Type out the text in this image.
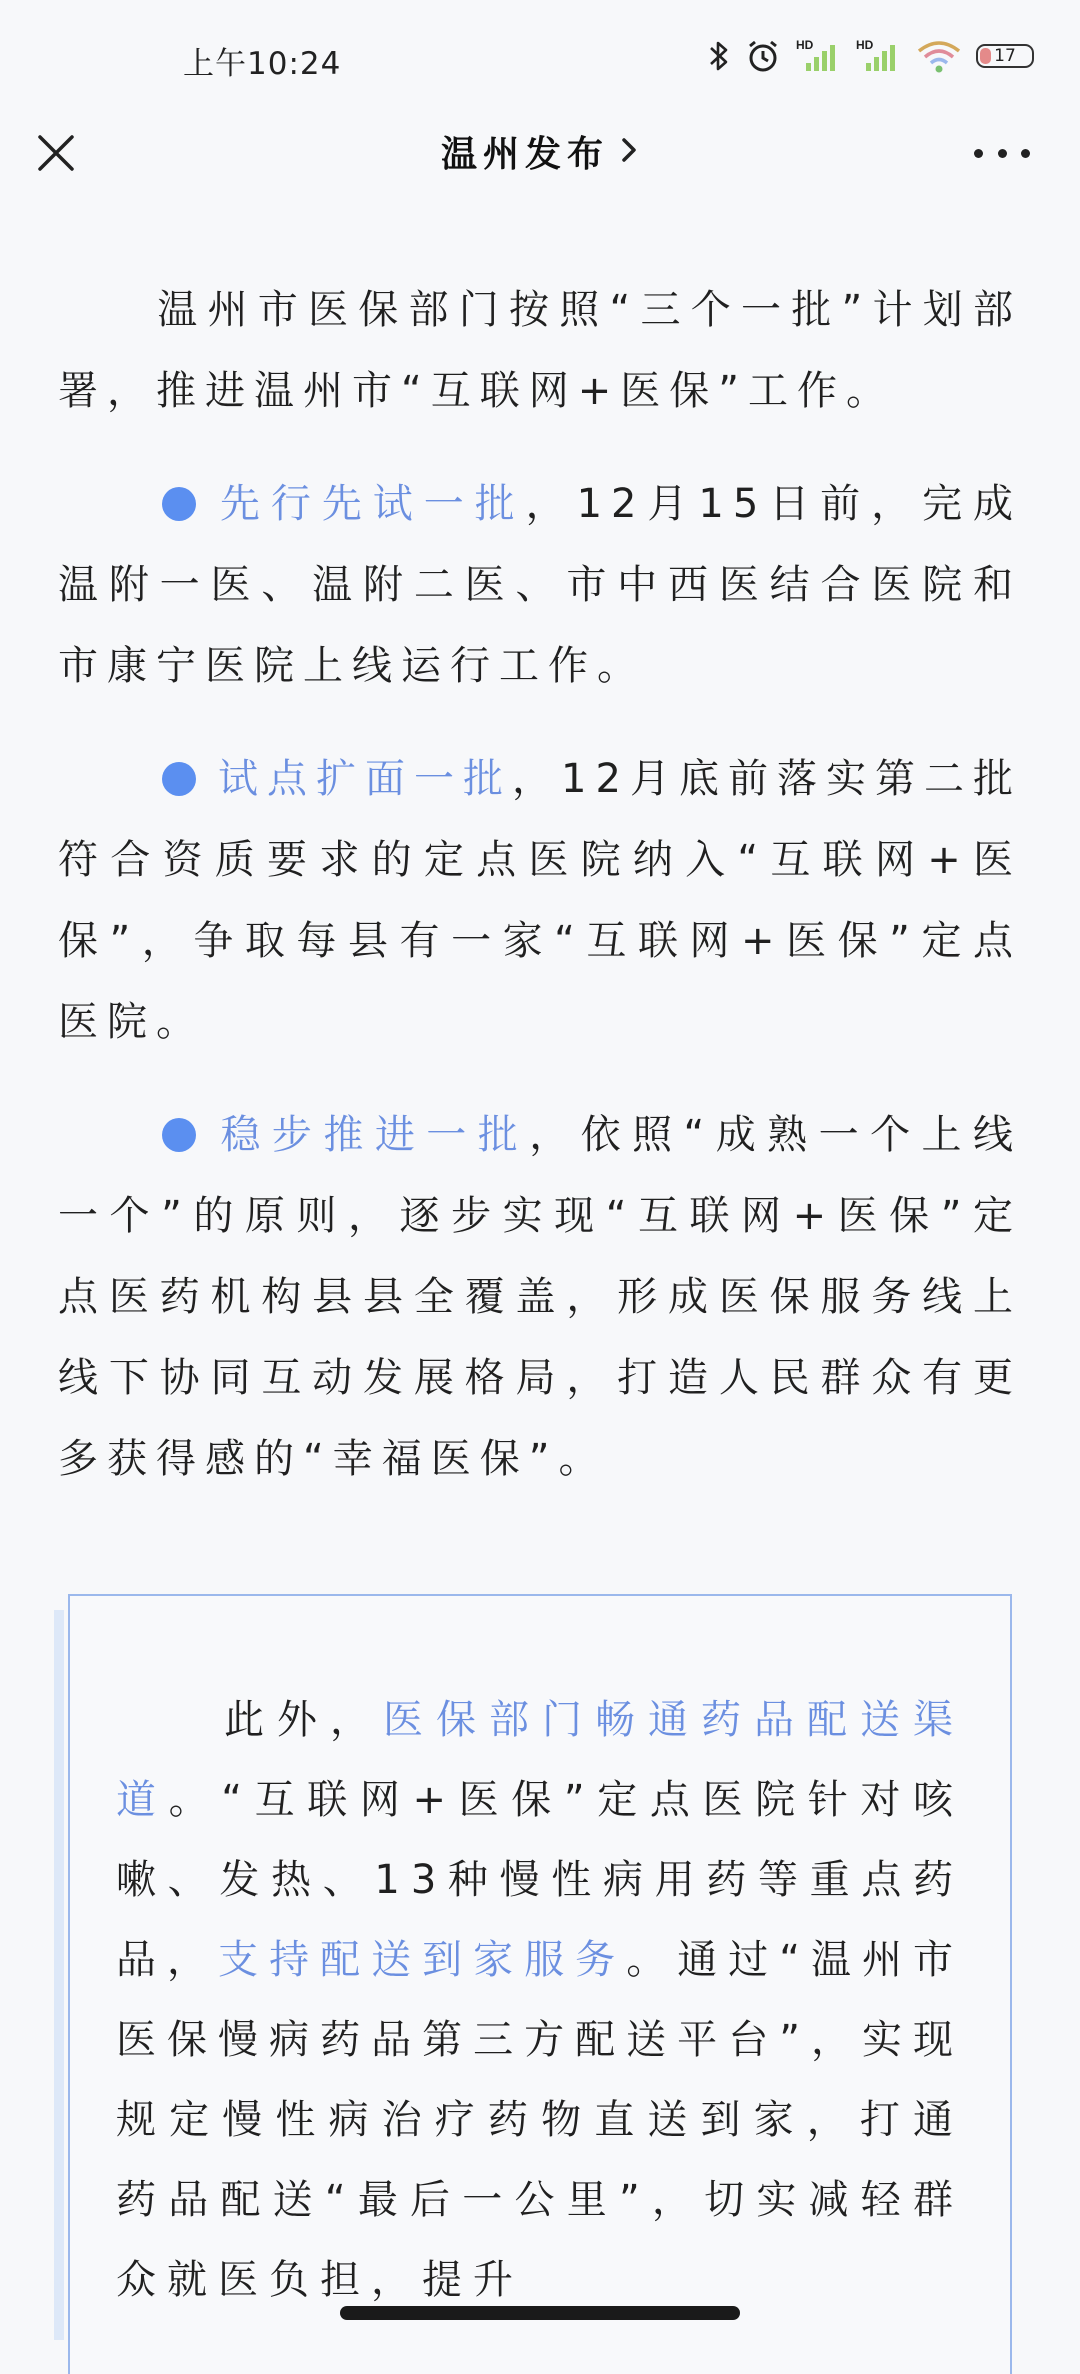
上午10:24
HD	HD
17
温州发布

温州市医保部门按照“三个一批”计划部署，推进温州市“互联网+医保”工作。

先行先试一批，12月15日前，完成温附一医、温附二医、市中西医结合医院和市康宁医院上线运行工作。

试点扩面一批，12月底前落实第二批符合资质要求的定点医院纳入“互联网+医保”，争取每县有一家“互联网+医保”定点医院。

稳步推进一批，依照“成熟一个上线一个”的原则，逐步实现“互联网+医保”定点医药机构县县全覆盖，形成医保服务线上线下协同互动发展格局，打造人民群众有更多获得感的“幸福医保”。

此外，医保部门畅通药品配送渠道。“互联网+医保”定点医院针对咳嗽、发热、13种慢性病用药等重点药品，支持配送到家服务。通过“温州市医保慢病药品第三方配送平台”，实现规定慢性病治疗药物直送到家，打通药品配送“最后一公里”，切实减轻群众就医负担，提升
